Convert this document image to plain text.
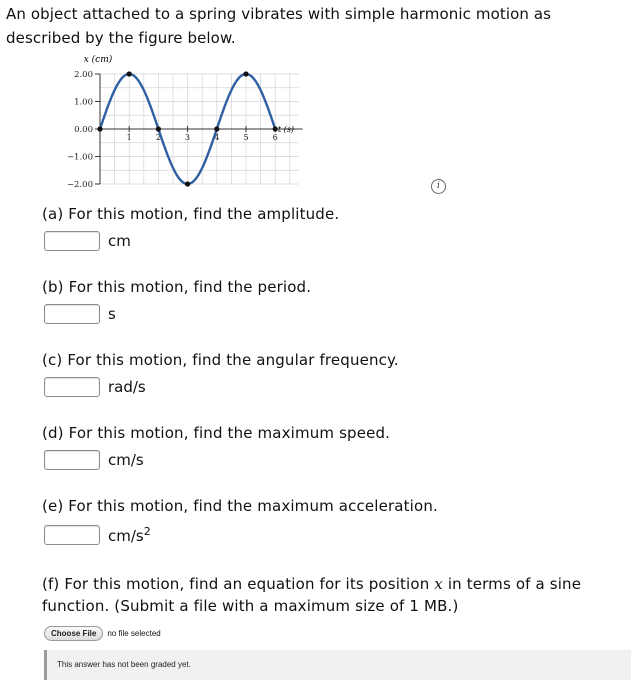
An object attached to a spring vibrates with simple harmonic motion as
described by the figure below.
2.00
1.00
0.00
−1.00
−2.00
1	2	3	4	5	6
x (cm)
t (s)
i
(a) For this motion, find the amplitude.
cm
(b) For this motion, find the period.
s
(c) For this motion, find the angular frequency.
rad/s
(d) For this motion, find the maximum speed.
cm/s
(e) For this motion, find the maximum acceleration.
$cm/s^2$
(f) For this motion, find an equation for its position x in terms of a sine
function. (Submit a file with a maximum size of 1 MB.)
Choose File	no file selected
This answer has not been graded yet.
